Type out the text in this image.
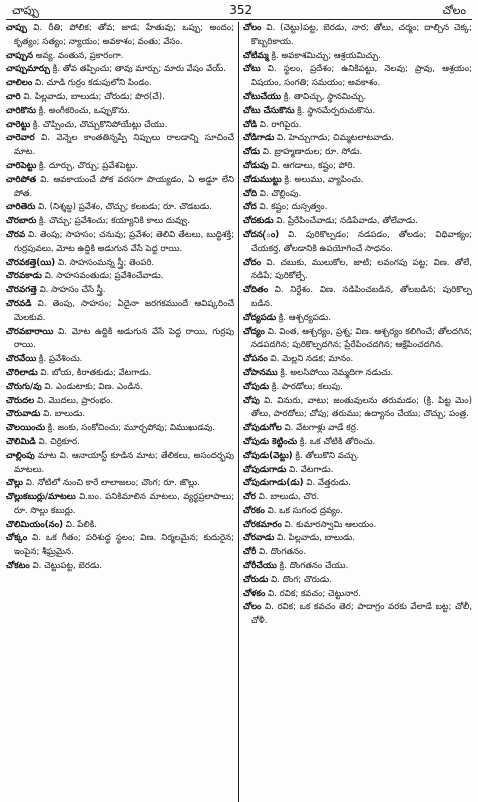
చాప్పు	352	చోలం

చాప్పు వి. రీతి; పోలిక; తోవ; జాడ; హేతువు; ఒప్పు; అందం; కృత్యం; సత్యం; న్యాయం; అవకాశం; వంతు; వేసం.

చాప్పున అవ్య. వంతున, ప్రకారంగా.

చాప్పుమార్చు క్రి. తోవ తప్పించు; తావు మార్చు; మారు వేషం వేయ్.

చాలిలం వి. చూడి గుర్రం కడుపులోని పిండం.

చారి వి. పిల్లవాడు, బాలుడు; చోరుడు; పొర(చే).

చారికొను క్రి. అంగీకరించు, ఒప్పుకొను.

చారెట్టు క్రి. చొప్పించు, చొచ్చుకొనిపోయేట్లు చేయు.

చారెవార వి. వెన్నెల కాంతతిన్నప్పే నిప్పులు రాలడాన్ని సూచించే మాట.

చారిపెట్టు క్రి. దూర్చు, చొర్చు; ప్రవేశపెట్టు.

చారిపోత వి. ఆవకాయంచే పోక వరసగా పొయ్యడం, ఏ అడ్డూ లేని పోత.

చారితెరు వి. (నిశ్శబ్ద) ప్రవేశం, చొచ్చు; కలబడు; రూ. చొడబడు.

చొరబారు క్రి. చొచ్చు; ప్రవేశించు; కయ్యానికి కాలు దువ్వు.

చొరవ వి. తెంపు; సాహసం; చనువు; ప్రవేశం; తెలివి తేటలు, బుద్ధిశక్తి; గుర్రపువలు, మోట ఉద్దికి అడుగున వేసే పెద్ద రాయి.

చొరవకత్తె(యి) వి. సాహసంమన్న స్త్రీ; తెంపరి.

చొరవకాడు వి. సాహసవంతుడు; ప్రవేశించేవాడు.

చొరవగత్తె వి. సాహసం చేసే స్త్రీ.

చొరవడి వి. తెంపు, సాహసం; ఏదైనా జరగకముందే ఆవిష్కరించే మెలకువ.

చొరవబారాయి వి. మోట ఉద్దికి అడుగున వేసే పెద్ద రాయి, గుర్రపు రాయి.

చొరవేయి క్రి. ప్రవేశించు.

చొరిలాడు వి. బోయ, కిరాతకుడు; వేటగాడు.

చొరుగు/వు వి. ఎండుటాకు; విణ. ఎండిన.

చౌరుదల వి. మొదలు, ప్రారంభం.

చౌరువాడు వి. బాలుడు.

చౌలయించు క్రి. జంకు, సంకోచించు; మూర్ఛపోవు; విముఖుడవు.

చౌలిమిడి వి. చిర్రికూర.

చాల్లింపు మాట వి. ఆనాయాస్ట్ కూడిన మాట; తేలికలు, అసందర్భపు మాటలు.

చొల్లు వి. నోటిలో నుంచి కారే లాలాజలం; చొంగ; రూ. జొల్లు.

చొల్లుకబుర్లు/మాటలు వి.బం. పనికిమాలిన మాటలు, వ్యర్థప్రలాపాలు; రూ. సొల్లు కబుర్లు.

చొలిమియం(నం) వి. పేలికి.

చోక్కం వి. ఒక గీతం; పరిశుద్ధ స్థలం; విణ. నిర్మలమైన; కుదురైన; ఇంపైన; శీఘ్రమైన.

చోకటం వి. చెట్టుపట్ట, బెరడు.

చోలం వి. (చెట్టు)పట్ట, బెరడు, నార; తోలు, చర్మం; దాల్చిన చెక్క; కొబ్బరికాయ.

చోటిమ్మ క్రి. అవకాశమిచ్చు; ఆశ్రయమిచ్చు.

చోటు వి. స్థలం, ప్రదేశం; ఉనికిపట్టు, నెలవు; ప్రావు, ఆశ్రయం; విషయం, సంగతి; సమయం; అవకాశం.

చోటుచేయు క్రి. తావిచ్చు, స్థానమిచ్చు.

చోటు చేసుకొను క్రి. స్థానమేర్పరుచుకొను.

చోడి వి. రాగిపైరు.

చోడిగాడు వి. హెచ్చుగాడు; చిమ్మటలాటవాడు.

చోడు వి. బ్రాహ్మణాదుల; రూ. సోడు.

చోడుపు వి. ఆగడాలు, కష్టం; పోరి.

చోడుముట్టు క్రి. అలుము, వ్యాపించు.

చోది వి. చొల్లింపు.

చోద వి. కష్టం; దుస్సత్వం.

చోదకుడు వి. ప్రేరేపించేవాడు; నడిపేవాడు, తోలేవాడు.

చోదన(ం) వి. పురికొల్పడం; నడపడం, తోలడం; విధివాక్యం; చేయకర్త, తోలడానికి ఉపయోగించే సాధనం.

చోదం వి. చబుకు, ములుకోల, జాటి; లవంగపు పట్ట; విణ. తోలే, నడిపే; పురికోల్పే.

చోదితం వి. నిర్దేశం. విణ. నడిపించబడిన, తోలబడిన; పురికొల్ప బడిన.

చోద్యపడు క్రి. ఆశ్చర్యపడు.

చోద్యం వి. వింత, ఆశ్చర్యం, ప్రశ్న; విణ. ఆశ్చర్యం కలిగించే; తోలదగిన; నడపదగిన; పురికొల్పదగిన; ప్రేరేపించదగిన; ఆక్షేపించదగిన.

చోపనం వి. మెల్లని నడక; మానం.

చోపానము క్రి. అలసిపోయి నెమ్మదిగా నడుచు.

చోపుడు క్రి. పారడోలు; కలుపు.

చోపు వి. వినురు, వాటు; జంతువులను తరుమడం; (క్రి. పిట్ట మెం) తోలు, పారదోలు; చోపు; తరుము; ఉద్యానం చేయు; చొచ్చు; పంత్ర.

చోపుడుగోల వి. వేటగాళ్లు వాడే కర్ర.

చోపుడు కెట్టించు క్రి. ఒక చోటికి తోరించు.

చోపుడు(వెట్టు) క్రి. తోలుకొని వచ్చు.

చోపుడుగాడు వి. వేటగాడు.

చోపుడుగాడు(డు) వి. వేత్తరుడు.

చోర వి. బాలుడు, చొర.

చోరకం వి. ఒక సుగంధ ద్రవ్యం.

చోరకమారం వి. కుమారస్వామి ఆలయం.

చోరవాడు వి. పిల్లవాడు, బాలుడు.

చోరీ వి. దొంగతనం.

చోరీచేయు క్రి. దొంగతనం చేయు.

చోరుడు వి. దొంగ; చొరుడు.

చోళకం వి. రవిక; కవచం; చెట్టునార.

చోలం వి. రవిక; ఒక కవచం తెర; పాదాగ్రం వరకు వేలాడే బట్ట; చోలీ, చోళీ.
